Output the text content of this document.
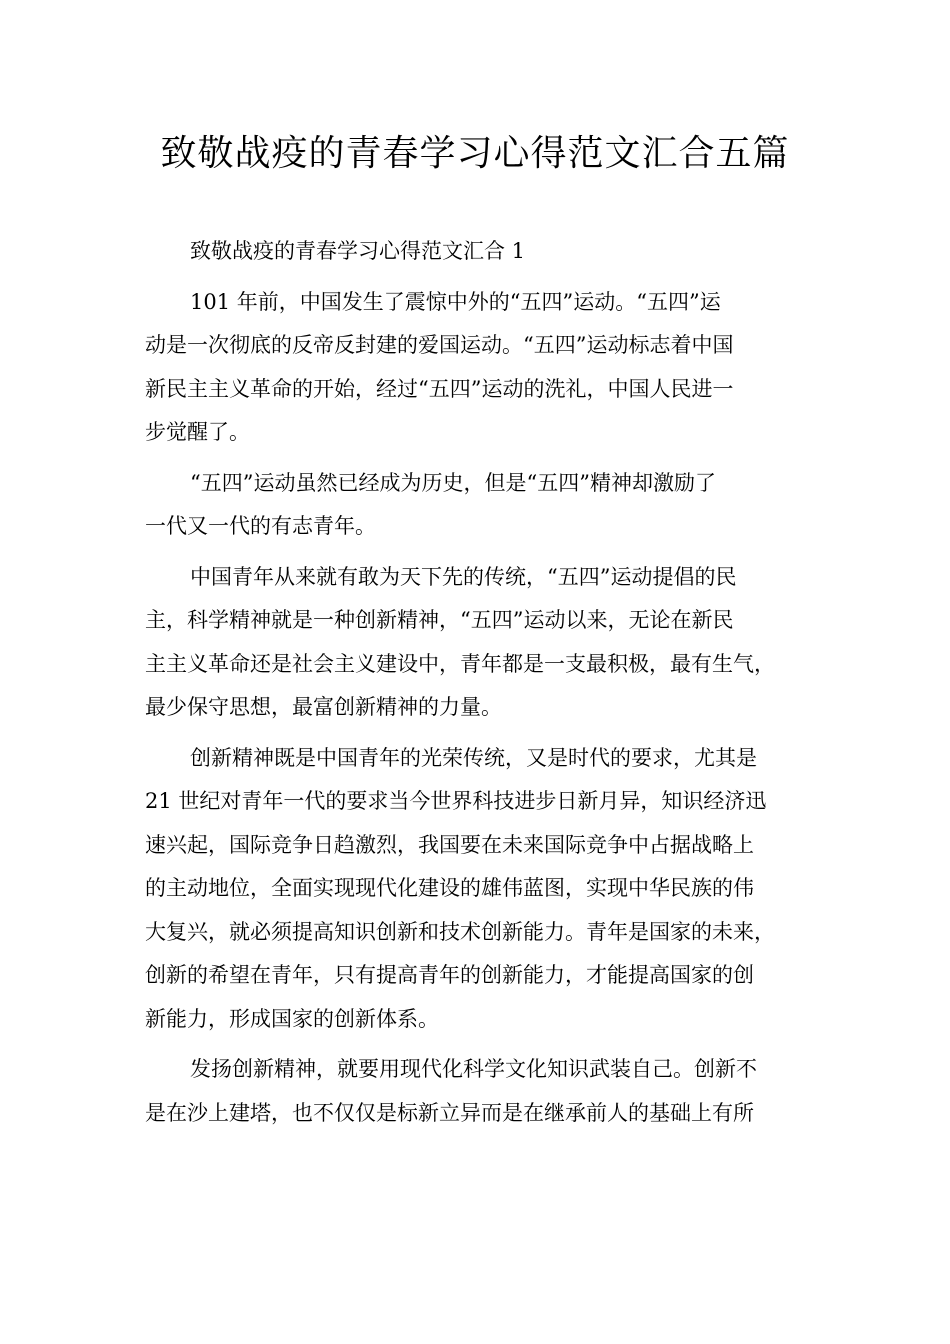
致敬战疫的青春学习心得范文汇合五篇
致敬战疫的青春学习心得范文汇合 1
101 年前，中国发生了震惊中外的“五四”运动。“五四”运
动是一次彻底的反帝反封建的爱国运动。“五四”运动标志着中国
新民主主义革命的开始，经过“五四”运动的洗礼，中国人民进一
步觉醒了。
“五四”运动虽然已经成为历史，但是“五四”精神却激励了
一代又一代的有志青年。
中国青年从来就有敢为天下先的传统，“五四”运动提倡的民
主，科学精神就是一种创新精神，“五四”运动以来，无论在新民
主主义革命还是社会主义建设中，青年都是一支最积极，最有生气，
最少保守思想，最富创新精神的力量。
创新精神既是中国青年的光荣传统，又是时代的要求，尤其是
21 世纪对青年一代的要求当今世界科技进步日新月异，知识经济迅
速兴起，国际竞争日趋激烈，我国要在未来国际竞争中占据战略上
的主动地位，全面实现现代化建设的雄伟蓝图，实现中华民族的伟
大复兴，就必须提高知识创新和技术创新能力。青年是国家的未来，
创新的希望在青年，只有提高青年的创新能力，才能提高国家的创
新能力，形成国家的创新体系。
发扬创新精神，就要用现代化科学文化知识武装自己。创新不
是在沙上建塔，也不仅仅是标新立异而是在继承前人的基础上有所
